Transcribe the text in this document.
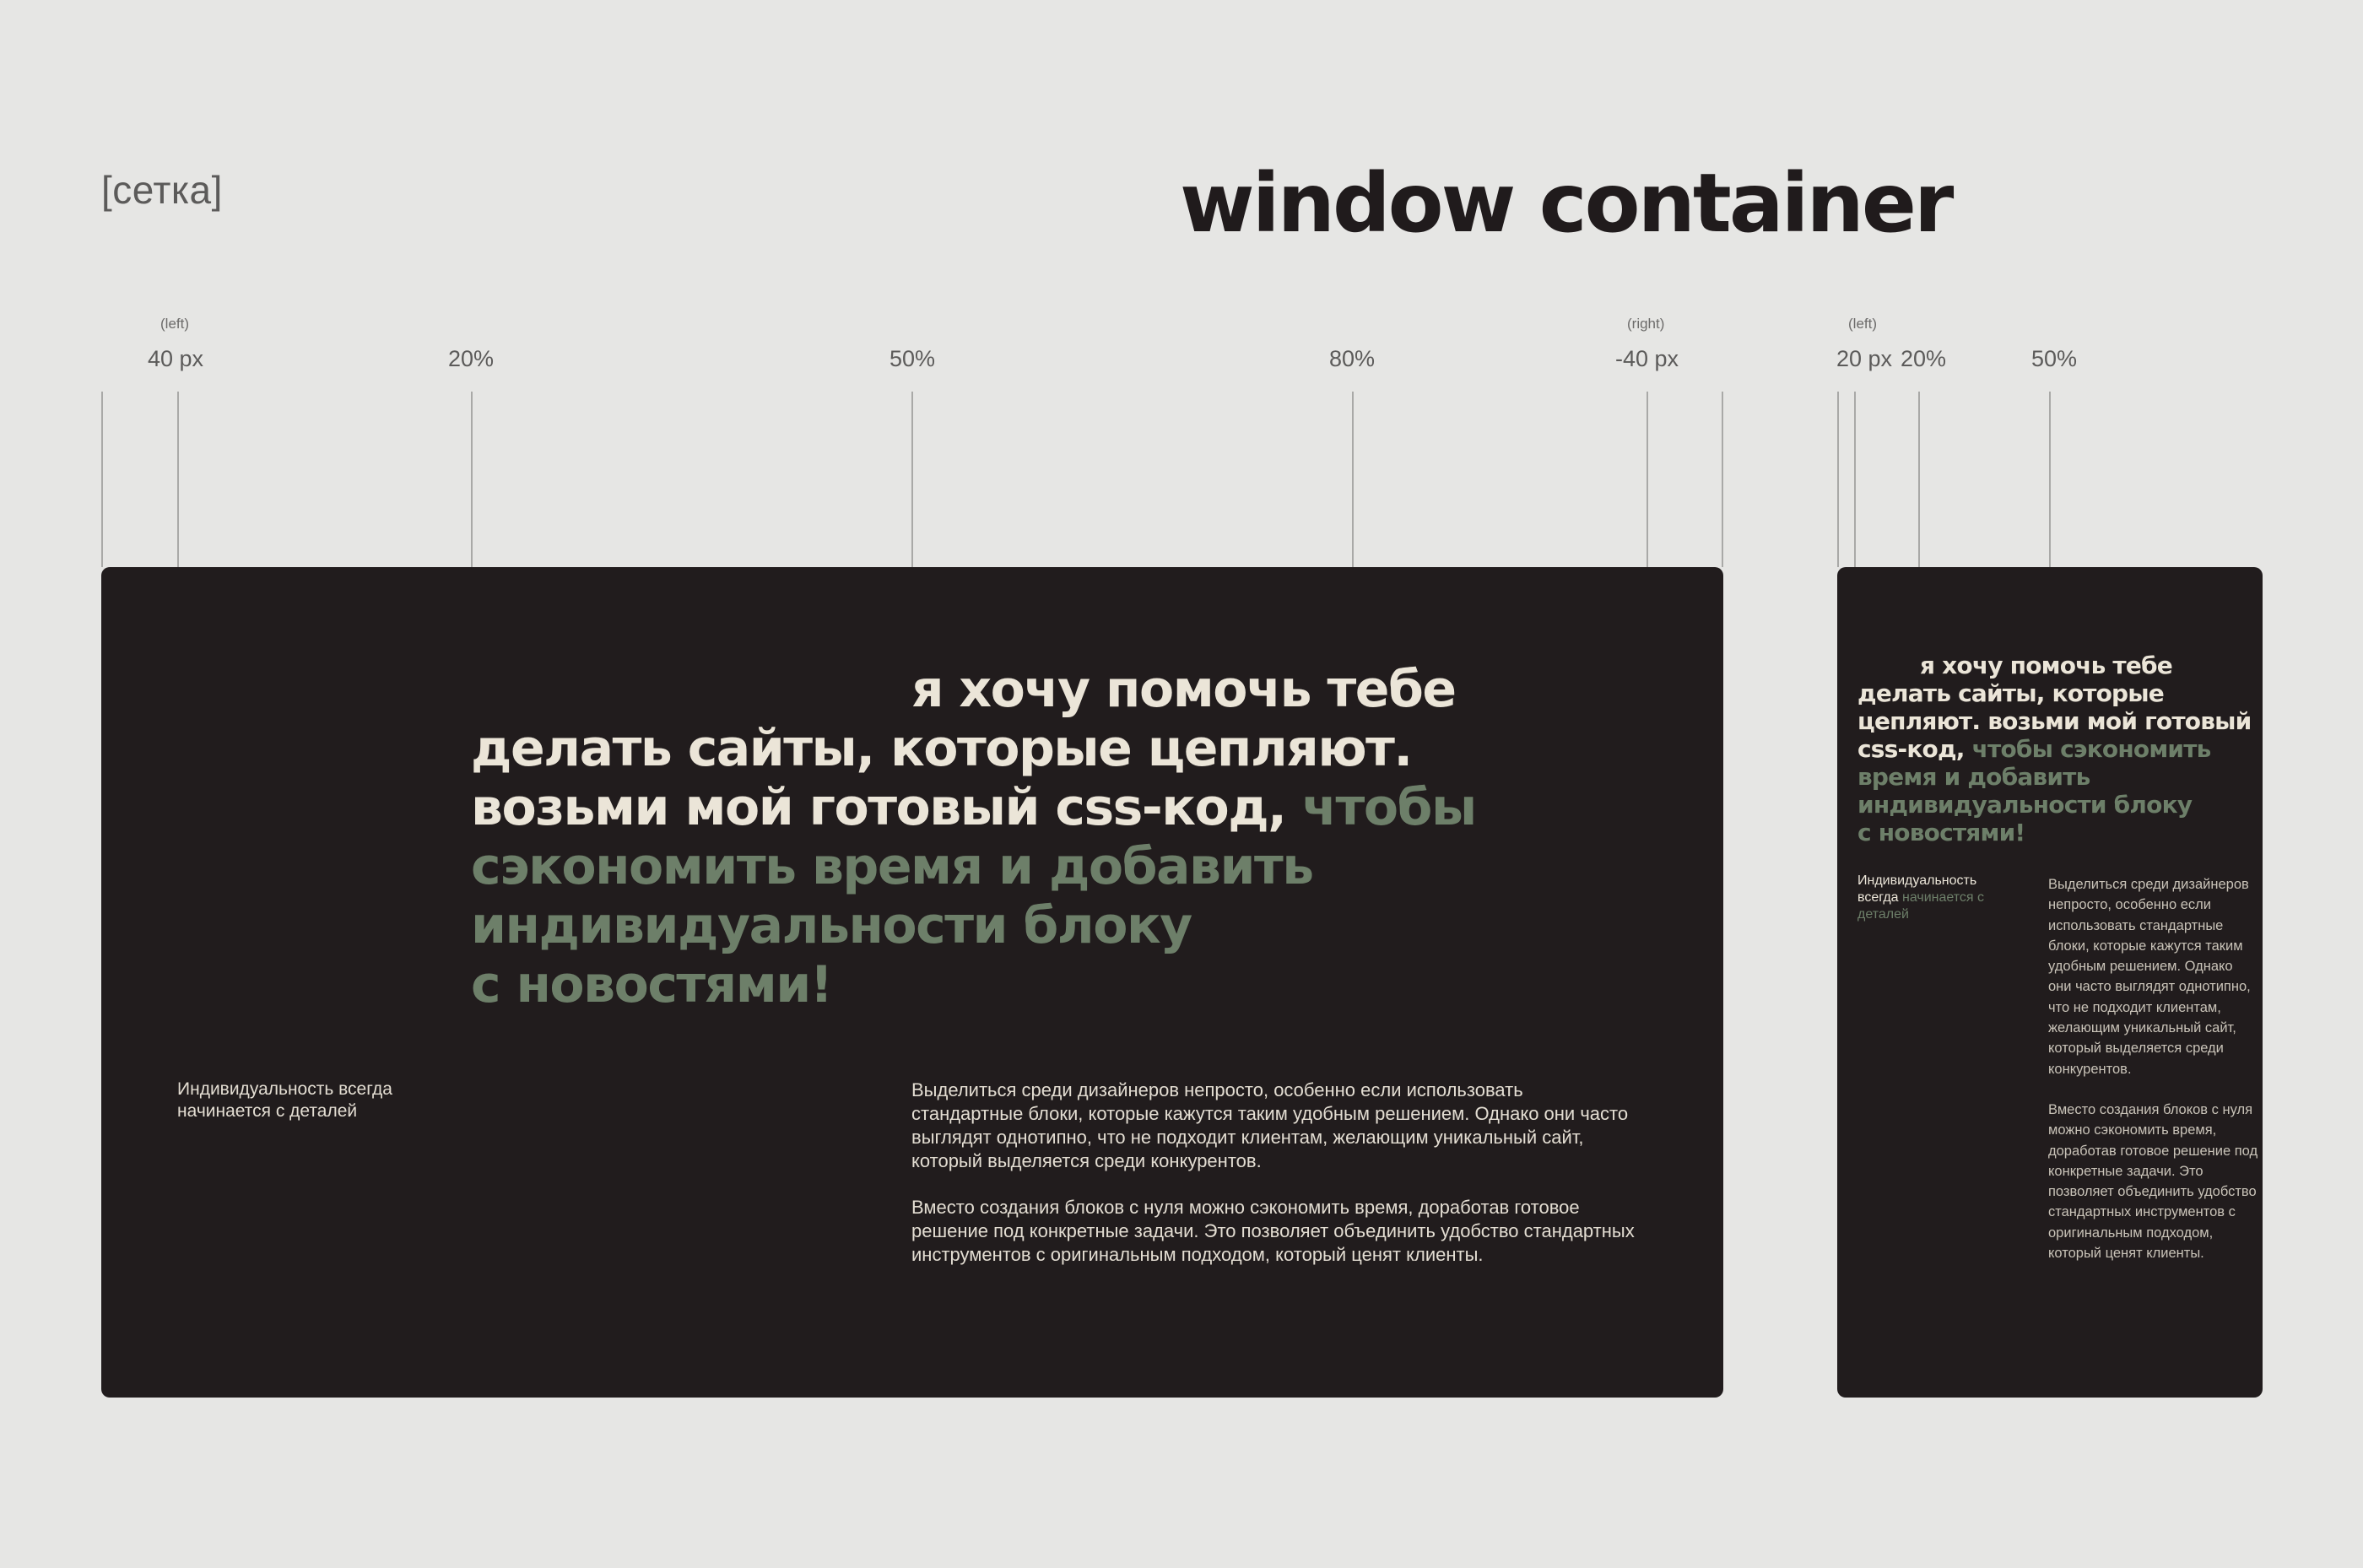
[сетка]	window container
(left)	(right)	(left)
40 px	20%	50%	80%	-40 px	20 px 20%	50%
я хочу помочь тебе
делать сайты, которые цепляют.
возьми мой готовый css-код, чтобы
сэкономить время и добавить
индивидуальности блоку
с новостями!
Индивидуальность всегда начинается с деталей

Выделиться среди дизайнеров непросто, особенно если использовать стандартные блоки, которые кажутся таким удобным решением. Однако они часто выглядят однотипно, что не подходит клиентам, желающим уникальный сайт, который выделяется среди конкурентов.

Вместо создания блоков с нуля можно сэкономить время, доработав готовое решение под конкретные задачи. Это позволяет объединить удобство стандартных инструментов с оригинальным подходом, который ценят клиенты.

я хочу помочь тебе
делать сайты, которые
цепляют. возьми мой готовый
css-код, чтобы сэкономить
время и добавить
индивидуальности блоку
с новостями!
Индивидуальность всегда начинается с деталей

Выделиться среди дизайнеров непросто, особенно если использовать стандартные блоки, которые кажутся таким удобным решением. Однако они часто выглядят однотипно, что не подходит клиентам, желающим уникальный сайт, который выделяется среди конкурентов.

Вместо создания блоков с нуля можно сэкономить время, доработав готовое решение под конкретные задачи. Это позволяет объединить удобство стандартных инструментов с оригинальным подходом, который ценят клиенты.
